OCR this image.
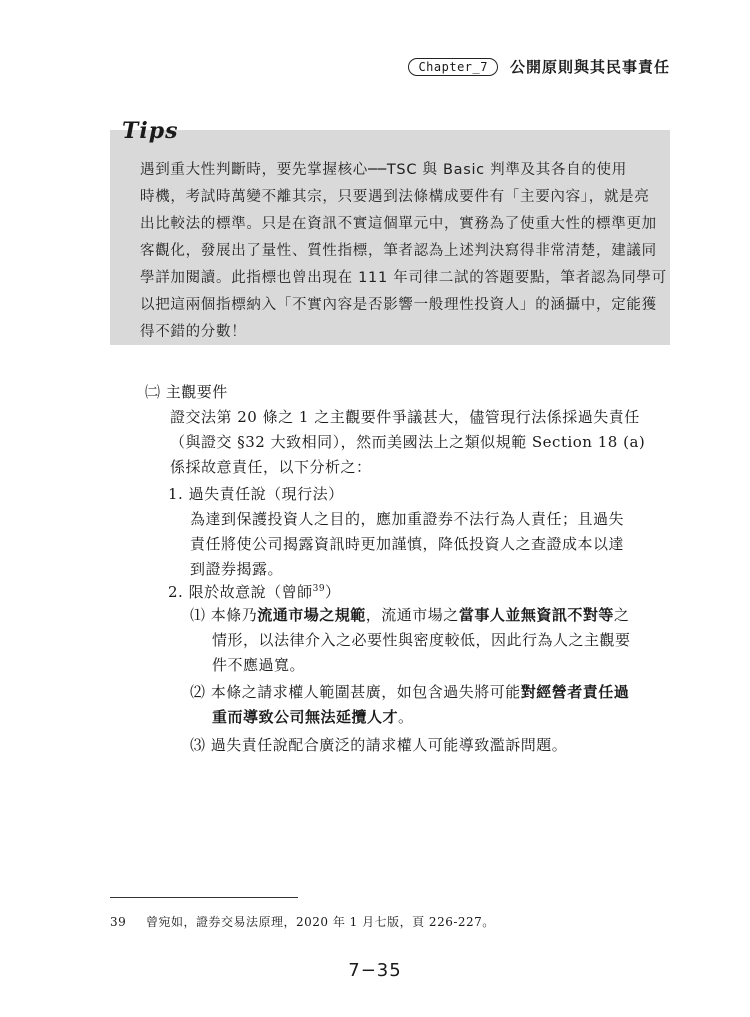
Chapter_7	公開原則與其民事責任
Tips
遇到重大性判斷時，要先掌握核心──TSC 與 Basic 判準及其各自的使用
時機，考試時萬變不離其宗，只要遇到法條構成要件有「主要內容」，就是亮
出比較法的標準。只是在資訊不實這個單元中，實務為了使重大性的標準更加
客觀化，發展出了量性、質性指標，筆者認為上述判決寫得非常清楚，建議同
學詳加閱讀。此指標也曾出現在 111 年司律二試的答題要點，筆者認為同學可
以把這兩個指標納入「不實內容是否影響一般理性投資人」的涵攝中，定能獲
得不錯的分數！
㈡ 主觀要件
證交法第 20 條之 1 之主觀要件爭議甚大，儘管現行法係採過失責任
（與證交 §32 大致相同），然而美國法上之類似規範 Section 18 (a)
係採故意責任，以下分析之：
1. 過失責任說（現行法）
為達到保護投資人之目的，應加重證券不法行為人責任；且過失
責任將使公司揭露資訊時更加謹慎，降低投資人之查證成本以達
到證券揭露。
2. 限於故意說（曾師$^{39}$）
⑴ 本條乃流通市場之規範，流通市場之當事人並無資訊不對等之
情形，以法律介入之必要性與密度較低，因此行為人之主觀要
件不應過寬。
⑵ 本條之請求權人範圍甚廣，如包含過失將可能對經營者責任過
重而導致公司無法延攬人才。
⑶ 過失責任說配合廣泛的請求權人可能導致濫訴問題。
39 曾宛如，證券交易法原理，2020 年 1 月七版，頁 226-227。
7−35
